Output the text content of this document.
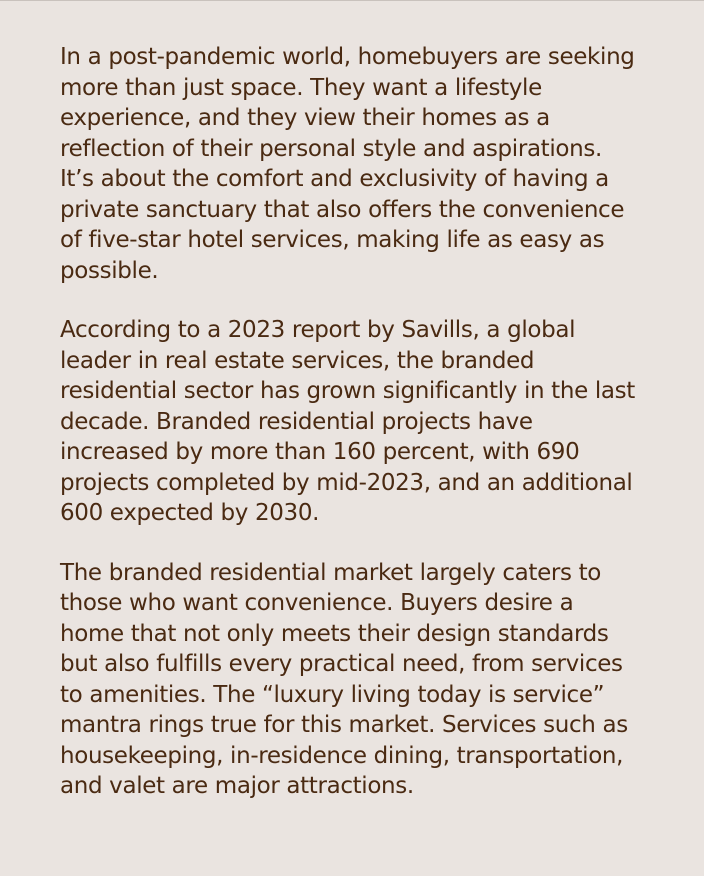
In a post-pandemic world, homebuyers are seeking more than just space. They want a lifestyle experience, and they view their homes as a reflection of their personal style and aspirations. It’s about the comfort and exclusivity of having a private sanctuary that also offers the convenience of five-star hotel services, making life as easy as possible.

According to a 2023 report by Savills, a global leader in real estate services, the branded residential sector has grown significantly in the last decade. Branded residential projects have increased by more than 160 percent, with 690 projects completed by mid-2023, and an additional 600 expected by 2030.

The branded residential market largely caters to those who want convenience. Buyers desire a home that not only meets their design standards but also fulfills every practical need, from services to amenities. The “luxury living today is service” mantra rings true for this market. Services such as housekeeping, in-residence dining, transportation, and valet are major attractions.
